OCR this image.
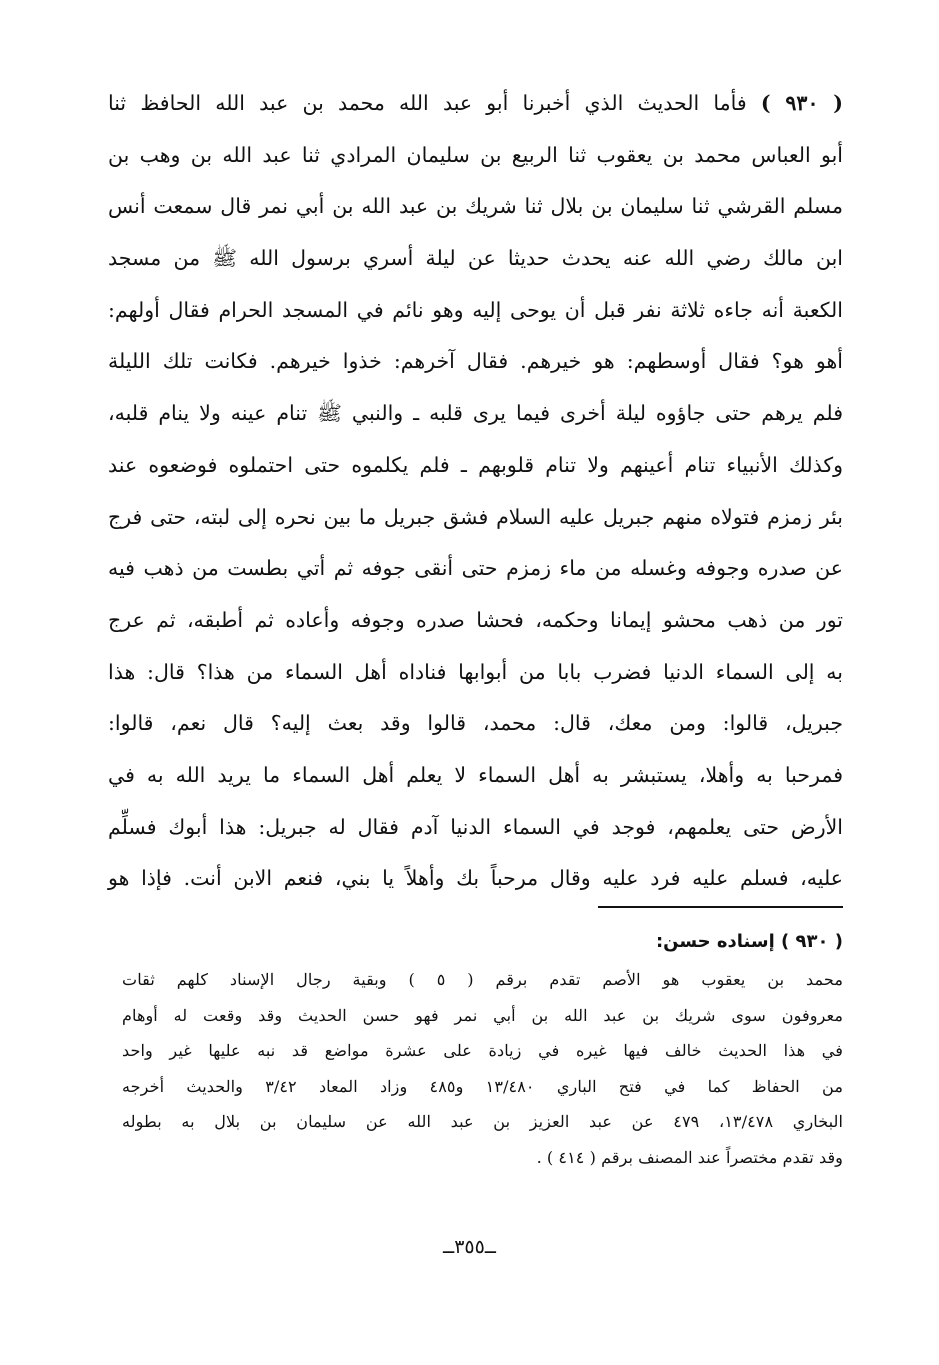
( ٩٣٠ ) فأما الحديث الذي أخبرنا أبو عبد الله محمد بن عبد الله الحافظ ثنا
أبو العباس محمد بن يعقوب ثنا الربيع بن سليمان المرادي ثنا عبد الله بن وهب بن
مسلم القرشي ثنا سليمان بن بلال ثنا شريك بن عبد الله بن أبي نمر قال سمعت أنس
ابن مالك رضي الله عنه يحدث حديثا عن ليلة أسري برسول الله ﷺ من مسجد
الكعبة أنه جاءه ثلاثة نفر قبل أن يوحى إليه وهو نائم في المسجد الحرام فقال أولهم:
أهو هو؟ فقال أوسطهم: هو خيرهم. فقال آخرهم: خذوا خيرهم. فكانت تلك الليلة
فلم يرهم حتى جاؤوه ليلة أخرى فيما يرى قلبه ـ والنبي ﷺ تنام عينه ولا ينام قلبه،
وكذلك الأنبياء تنام أعينهم ولا تنام قلوبهم ـ فلم يكلموه حتى احتملوه فوضعوه عند
بئر زمزم فتولاه منهم جبريل عليه السلام فشق جبريل ما بين نحره إلى لبته، حتى فرج
عن صدره وجوفه وغسله من ماء زمزم حتى أنقى جوفه ثم أتي بطست من ذهب فيه
تور من ذهب محشو إيمانا وحكمه، فحشا صدره وجوفه وأعاده ثم أطبقه، ثم عرج
به إلى السماء الدنيا فضرب بابا من أبوابها فناداه أهل السماء من هذا؟ قال: هذا
جبريل، قالوا: ومن معك، قال: محمد، قالوا وقد بعث إليه؟ قال نعم، قالوا:
فمرحبا به وأهلا، يستبشر به أهل السماء لا يعلم أهل السماء ما يريد الله به في
الأرض حتى يعلمهم، فوجد في السماء الدنيا آدم فقال له جبريل: هذا أبوك فسلِّم
عليه، فسلم عليه فرد عليه وقال مرحباً بك وأهلاً يا بني، فنعم الابن أنت. فإذا هو
( ٩٣٠ ) إسناده حسن:
محمد بن يعقوب هو الأصم تقدم برقم ( ٥ ) وبقية رجال الإسناد كلهم ثقات
معروفون سوى شريك بن عبد الله بن أبي نمر فهو حسن الحديث وقد وقعت له أوهام
في هذا الحديث خالف فيها غيره في زيادة على عشرة مواضع قد نبه عليها غير واحد
من الحفاظ كما في فتح الباري ١٣/٤٨٠ و٤٨٥ وزاد المعاد ٣/٤٢ والحديث أخرجه
البخاري ١٣/٤٧٨، ٤٧٩ عن عبد العزيز بن عبد الله عن سليمان بن بلال به بطوله
وقد تقدم مختصراً عند المصنف برقم ( ٤١٤ ) .
ــ٣٥٥ــ
